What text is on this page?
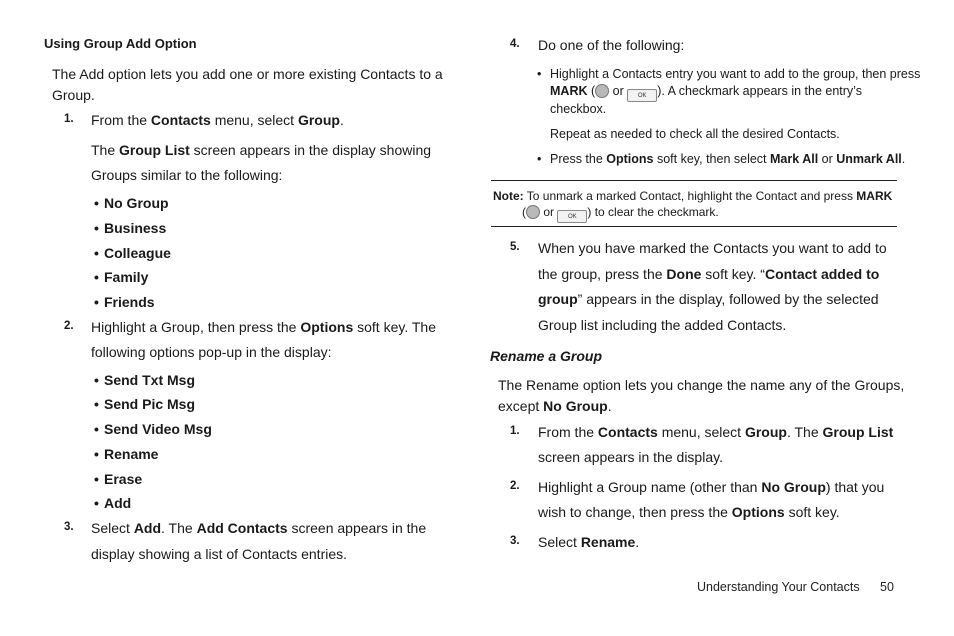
Using Group Add Option
The Add option lets you add one or more existing Contacts to a
Group.
1. From the Contacts menu, select Group.
The Group List screen appears in the display showing
Groups similar to the following:
• No Group
• Business
• Colleague
• Family
• Friends
2. Highlight a Group, then press the Options soft key. The
following options pop-up in the display:
• Send Txt Msg
• Send Pic Msg
• Send Video Msg
• Rename
• Erase
• Add
3. Select Add. The Add Contacts screen appears in the
display showing a list of Contacts entries.
4. Do one of the following:
• Highlight a Contacts entry you want to add to the group, then press
MARK ( or OK ). A checkmark appears in the entry’s
checkbox.
Repeat as needed to check all the desired Contacts.
• Press the Options soft key, then select Mark All or Unmark All.
Note: To unmark a marked Contact, highlight the Contact and press MARK
( or OK ) to clear the checkmark.
5. When you have marked the Contacts you want to add to
the group, press the Done soft key. “Contact added to
group” appears in the display, followed by the selected
Group list including the added Contacts.
Rename a Group
The Rename option lets you change the name any of the Groups,
except No Group.
1. From the Contacts menu, select Group. The Group List
screen appears in the display.
2. Highlight a Group name (other than No Group) that you
wish to change, then press the Options soft key.
3. Select Rename.
Understanding Your Contacts 50
